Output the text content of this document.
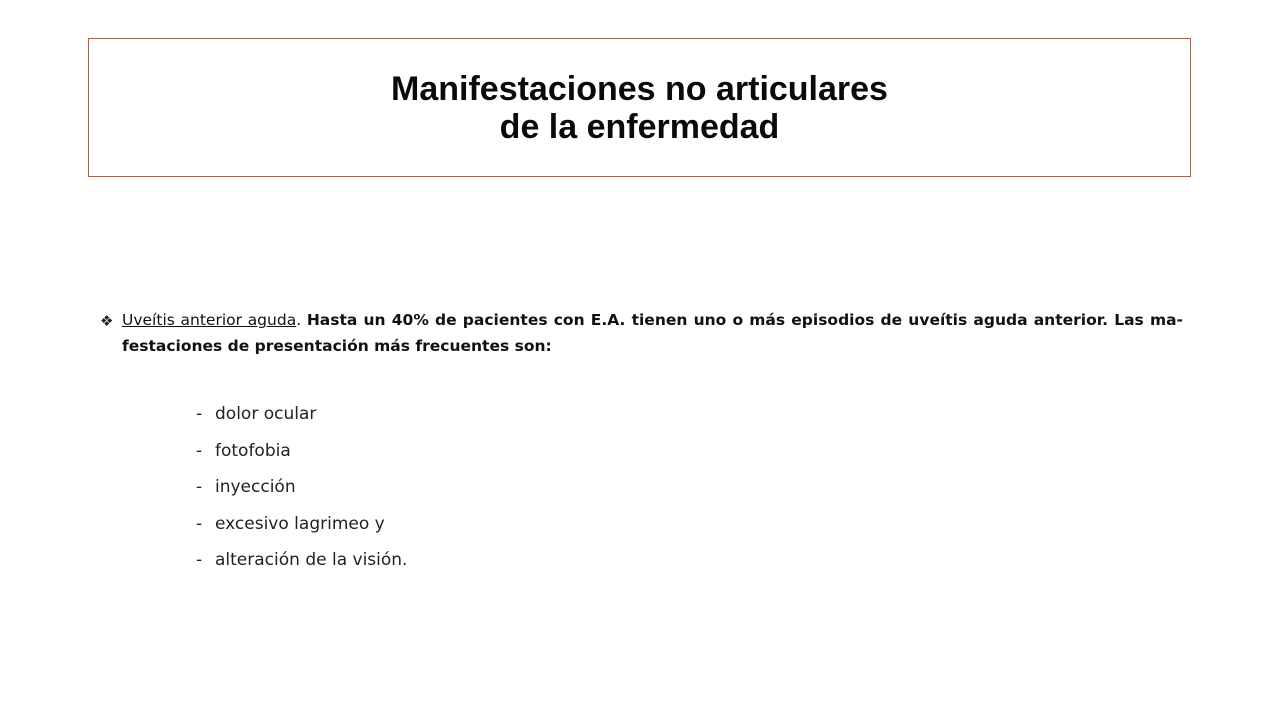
Manifestaciones no articulares
de la enfermedad
❖ Uveítis anterior aguda. Hasta un 40% de pacientes con E.A. tienen uno o más episodios de uveítis aguda anterior. Las ma-festaciones de presentación más frecuentes son:
- dolor ocular
- fotofobia
- inyección
- excesivo lagrimeo y
- alteración de la visión.
